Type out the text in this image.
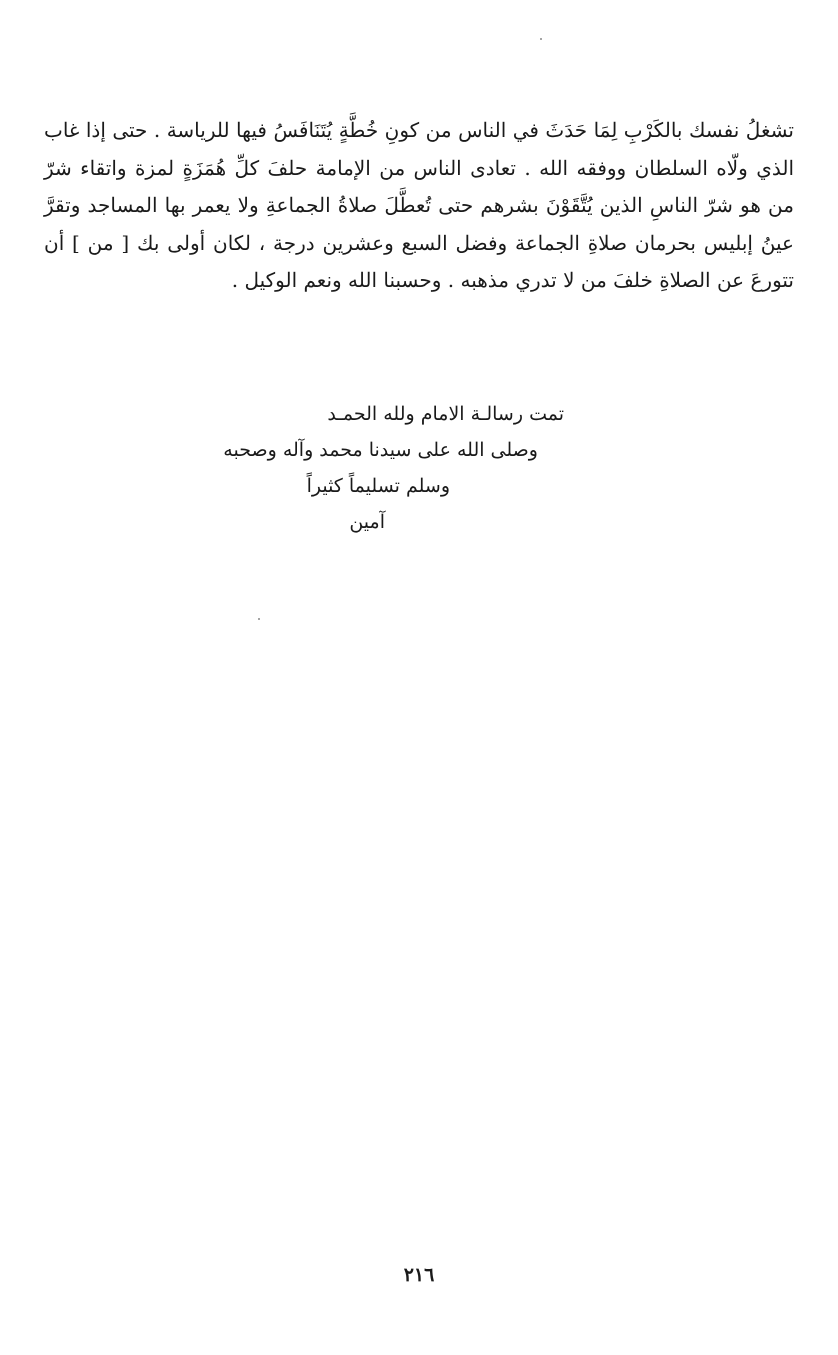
تشغلُ نفسك بالكَرْبِ لِمَا حَدَثَ في الناس من كونِ خُطَّةٍ يُتَنَافَسُ فيها للرياسة . حتى إذا غاب الذي ولّاه السلطان ووفقه الله . تعادى الناس من الإمامة حلفَ كلِّ هُمَزَةٍ لمزة واتقاء شرّ من هو شرّ الناسِ الذين يُتَّقَوْنَ بشرهم حتى تُعطَّلَ صلاةُ الجماعةِ ولا يعمر بها المساجد وتقرَّ عينُ إبليس بحرمان صلاةِ الجماعة وفضل السبع وعشرين درجة ، لكان أولى بك [ من ] أن تتورعَ عن الصلاةِ خلفَ من لا تدري مذهبه . وحسبنا الله ونعم الوكيل .

تمت رسالـة الامام ولله الحمـد
وصلى الله على سيدنا محمد وآله وصحبه
وسلم تسليماً كثيراً
آمين
٢١٦
